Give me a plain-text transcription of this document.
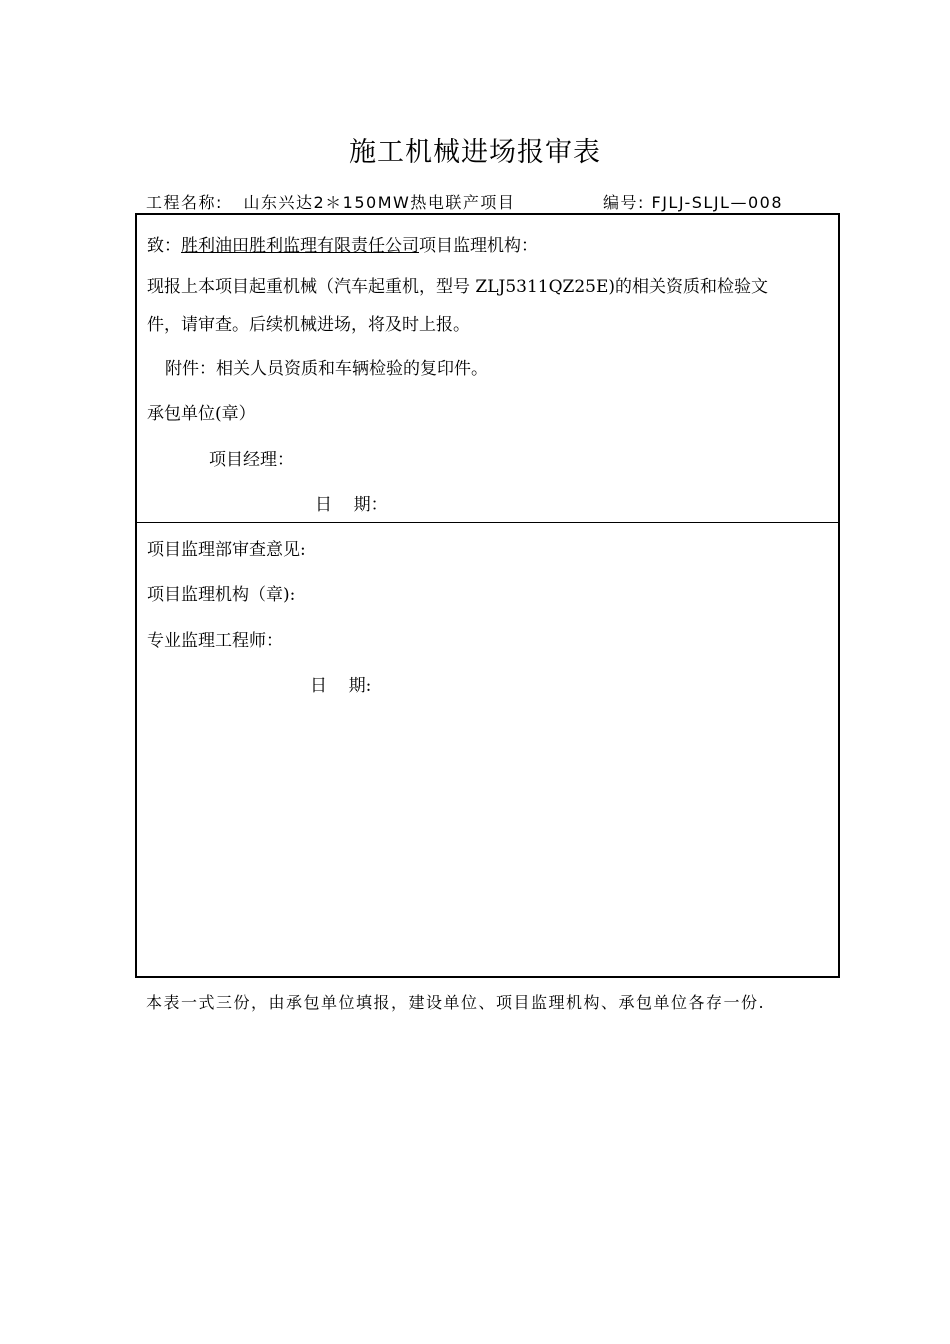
施工机械进场报审表
工程名称: 山东兴达2＊150MW热电联产项目	编号: FJLJ-SLJL—008
致：胜利油田胜利监理有限责任公司项目监理机构：
现报上本项目起重机械（汽车起重机，型号 ZLJ5311QZ25E)的相关资质和检验文
件，请审查。后续机械进场，将及时上报。
附件：相关人员资质和车辆检验的复印件。
承包单位(章）
项目经理：
日    期：
项目监理部审查意见:
项目监理机构（章):
专业监理工程师：
日    期:
本表一式三份，由承包单位填报，建设单位、项目监理机构、承包单位各存一份.
